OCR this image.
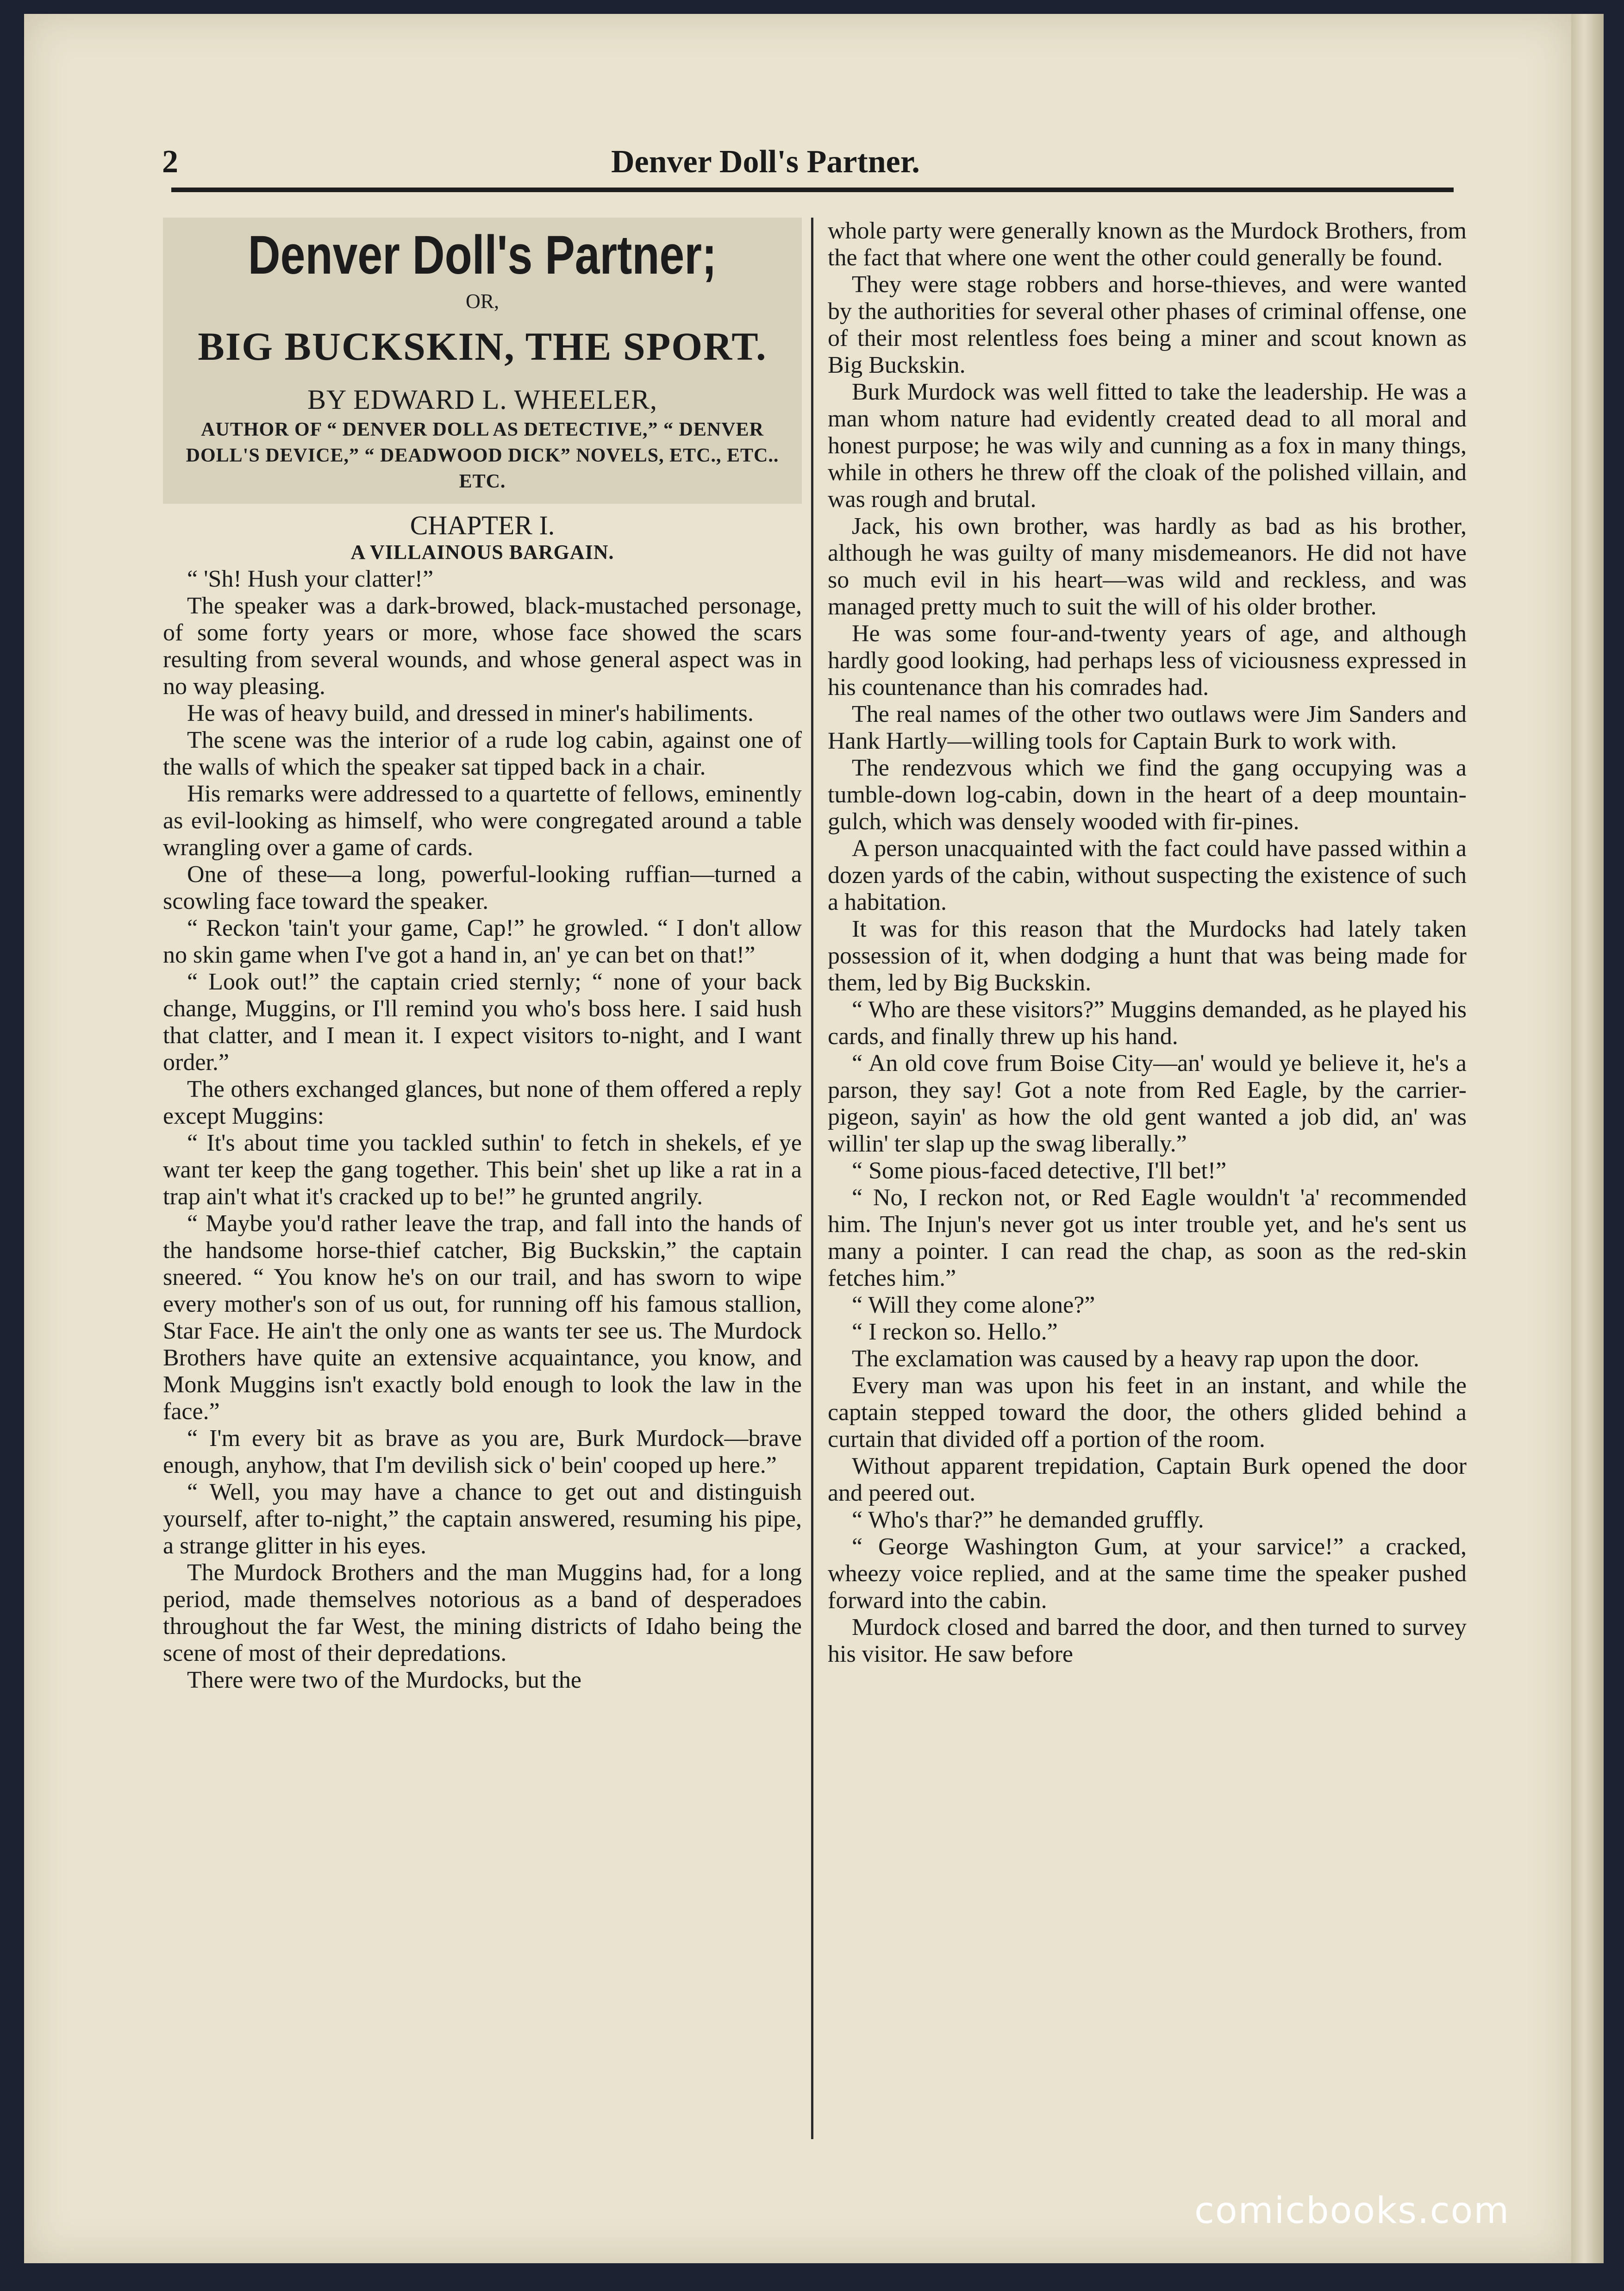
2	Denver Doll's Partner.
Denver Doll's Partner;
OR,
BIG BUCKSKIN, THE SPORT.
BY EDWARD L. WHEELER,
AUTHOR OF “ DENVER DOLL AS DETECTIVE,” “ DENVER DOLL'S DEVICE,” “ DEADWOOD DICK” NOVELS, ETC., ETC.. ETC.
CHAPTER I.
A VILLAINOUS BARGAIN.

“ 'Sh! Hush your clatter!”

The speaker was a dark-browed, black-mustached personage, of some forty years or more, whose face showed the scars resulting from several wounds, and whose general aspect was in no way pleasing.

He was of heavy build, and dressed in miner's habiliments.

The scene was the interior of a rude log cabin, against one of the walls of which the speaker sat tipped back in a chair.

His remarks were addressed to a quartette of fellows, eminently as evil-looking as himself, who were congregated around a table wrangling over a game of cards.

One of these—a long, powerful-looking ruffian—turned a scowling face toward the speaker.

“ Reckon 'tain't your game, Cap!” he growled. “ I don't allow no skin game when I've got a hand in, an' ye can bet on that!”

“ Look out!” the captain cried sternly; “ none of your back change, Muggins, or I'll remind you who's boss here. I said hush that clatter, and I mean it. I expect visitors to-night, and I want order.”

The others exchanged glances, but none of them offered a reply except Muggins:

“ It's about time you tackled suthin' to fetch in shekels, ef ye want ter keep the gang together. This bein' shet up like a rat in a trap ain't what it's cracked up to be!” he grunted angrily.

“ Maybe you'd rather leave the trap, and fall into the hands of the handsome horse-thief catcher, Big Buckskin,” the captain sneered. “ You know he's on our trail, and has sworn to wipe every mother's son of us out, for running off his famous stallion, Star Face. He ain't the only one as wants ter see us. The Murdock Brothers have quite an extensive acquaintance, you know, and Monk Muggins isn't exactly bold enough to look the law in the face.”

“ I'm every bit as brave as you are, Burk Murdock—brave enough, anyhow, that I'm devilish sick o' bein' cooped up here.”

“ Well, you may have a chance to get out and distinguish yourself, after to-night,” the captain answered, resuming his pipe, a strange glitter in his eyes.

The Murdock Brothers and the man Muggins had, for a long period, made themselves notorious as a band of desperadoes throughout the far West, the mining districts of Idaho being the scene of most of their depredations.

There were two of the Murdocks, but the

whole party were generally known as the Murdock Brothers, from the fact that where one went the other could generally be found.

They were stage robbers and horse-thieves, and were wanted by the authorities for several other phases of criminal offense, one of their most relentless foes being a miner and scout known as Big Buckskin.

Burk Murdock was well fitted to take the leadership. He was a man whom nature had evidently created dead to all moral and honest purpose; he was wily and cunning as a fox in many things, while in others he threw off the cloak of the polished villain, and was rough and brutal.

Jack, his own brother, was hardly as bad as his brother, although he was guilty of many misdemeanors. He did not have so much evil in his heart—was wild and reckless, and was managed pretty much to suit the will of his older brother.

He was some four-and-twenty years of age, and although hardly good looking, had perhaps less of viciousness expressed in his countenance than his comrades had.

The real names of the other two outlaws were Jim Sanders and Hank Hartly—willing tools for Captain Burk to work with.

The rendezvous which we find the gang occupying was a tumble-down log-cabin, down in the heart of a deep mountain-gulch, which was densely wooded with fir-pines.

A person unacquainted with the fact could have passed within a dozen yards of the cabin, without suspecting the existence of such a habitation.

It was for this reason that the Murdocks had lately taken possession of it, when dodging a hunt that was being made for them, led by Big Buckskin.

“ Who are these visitors?” Muggins demanded, as he played his cards, and finally threw up his hand.

“ An old cove frum Boise City—an' would ye believe it, he's a parson, they say! Got a note from Red Eagle, by the carrier-pigeon, sayin' as how the old gent wanted a job did, an' was willin' ter slap up the swag liberally.”

“ Some pious-faced detective, I'll bet!”

“ No, I reckon not, or Red Eagle wouldn't 'a' recommended him. The Injun's never got us inter trouble yet, and he's sent us many a pointer. I can read the chap, as soon as the red-skin fetches him.”

“ Will they come alone?”

“ I reckon so. Hello.”

The exclamation was caused by a heavy rap upon the door.

Every man was upon his feet in an instant, and while the captain stepped toward the door, the others glided behind a curtain that divided off a portion of the room.

Without apparent trepidation, Captain Burk opened the door and peered out.

“ Who's thar?” he demanded gruffly.

“ George Washington Gum, at your sarvice!” a cracked, wheezy voice replied, and at the same time the speaker pushed forward into the cabin.

Murdock closed and barred the door, and then turned to survey his visitor. He saw before

comicbooks.com
